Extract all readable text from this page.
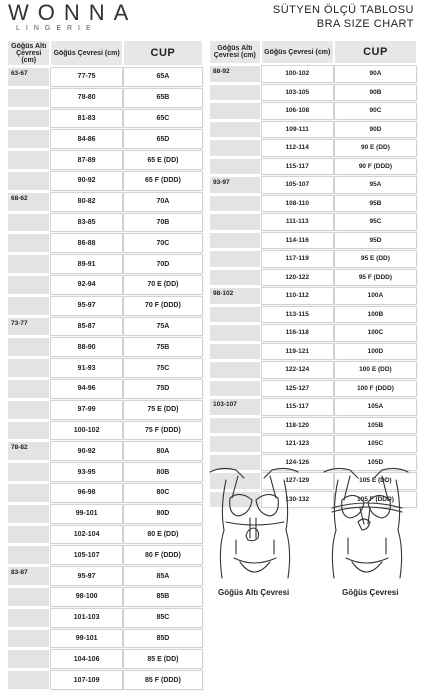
WONNA
LINGERIE
SÜTYEN ÖLÇÜ TABLOSU
BRA SIZE CHART
Göğüs Altı Çevresi (cm)	Göğüs Çevresi (cm)	CUP
63-67	77-75	65A
	78-80	65B
	81-83	65C
	84-86	65D
	87-89	65 E (DD)
	90-92	65 F (DDD)
68-62	80-82	70A
	83-85	70B
	86-88	70C
	89-91	70D
	92-94	70 E (DD)
	95-97	70 F (DDD)
73-77	85-87	75A
	88-90	75B
	91-93	75C
	94-96	75D
	97-99	75 E (DD)
	100-102	75 F (DDD)
78-82	90-92	80A
	93-95	80B
	96-98	80C
	99-101	80D
	102-104	80 E (DD)
	105-107	80 F (DDD)
83-87	95-97	85A
	98-100	85B
	101-103	85C
	99-101	85D
	104-106	85 E (DD)
	107-109	85 F (DDD)
Göğüs Altı Çevresi (cm)	Göğüs Çevresi (cm)	CUP
88-92	100-102	90A
	103-105	90B
	106-108	90C
	109-111	90D
	112-114	90 E (DD)
	115-117	90 F (DDD)
93-97	105-107	95A
	108-110	95B
	111-113	95C
	114-116	95D
	117-119	95 E (DD)
	120-122	95 F (DDD)
98-102	110-112	100A
	113-115	100B
	116-118	100C
	119-121	100D
	122-124	100 E (DD)
	125-127	100 F (DDD)
103-107	115-117	105A
	118-120	105B
	121-123	105C
	124-126	105D
	127-129	105 E (DD)
	130-132	105 F (DDD)
Göğüs Altı Çevresi	Göğüs Çevresi
